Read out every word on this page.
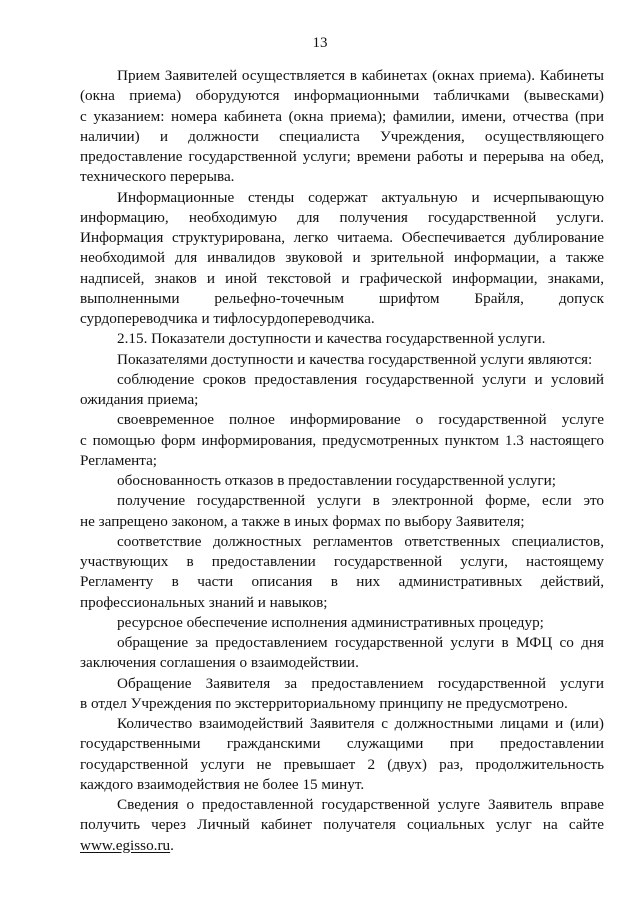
13
Прием Заявителей осуществляется в кабинетах (окнах приема). Кабинеты
(окна приема) оборудуются информационными табличками (вывесками)
с указанием: номера кабинета (окна приема); фамилии, имени, отчества (при
наличии) и должности специалиста Учреждения, осуществляющего
предоставление государственной услуги; времени работы и перерыва на обед,
технического перерыва.
Информационные стенды содержат актуальную и исчерпывающую
информацию, необходимую для получения государственной услуги.
Информация структурирована, легко читаема. Обеспечивается дублирование
необходимой для инвалидов звуковой и зрительной информации, а также
надписей, знаков и иной текстовой и графической информации, знаками,
выполненными рельефно-точечным шрифтом Брайля, допуск
сурдопереводчика и тифлосурдопереводчика.
2.15. Показатели доступности и качества государственной услуги.
Показателями доступности и качества государственной услуги являются:
соблюдение сроков предоставления государственной услуги и условий
ожидания приема;
своевременное полное информирование о государственной услуге
с помощью форм информирования, предусмотренных пунктом 1.3 настоящего
Регламента;
обоснованность отказов в предоставлении государственной услуги;
получение государственной услуги в электронной форме, если это
не запрещено законом, а также в иных формах по выбору Заявителя;
соответствие должностных регламентов ответственных специалистов,
участвующих в предоставлении государственной услуги, настоящему
Регламенту в части описания в них административных действий,
профессиональных знаний и навыков;
ресурсное обеспечение исполнения административных процедур;
обращение за предоставлением государственной услуги в МФЦ со дня
заключения соглашения о взаимодействии.
Обращение Заявителя за предоставлением государственной услуги
в отдел Учреждения по экстерриториальному принципу не предусмотрено.
Количество взаимодействий Заявителя с должностными лицами и (или)
государственными гражданскими служащими при предоставлении
государственной услуги не превышает 2 (двух) раз, продолжительность
каждого взаимодействия не более 15 минут.
Сведения о предоставленной государственной услуге Заявитель вправе
получить через Личный кабинет получателя социальных услуг на сайте
www.egisso.ru.
